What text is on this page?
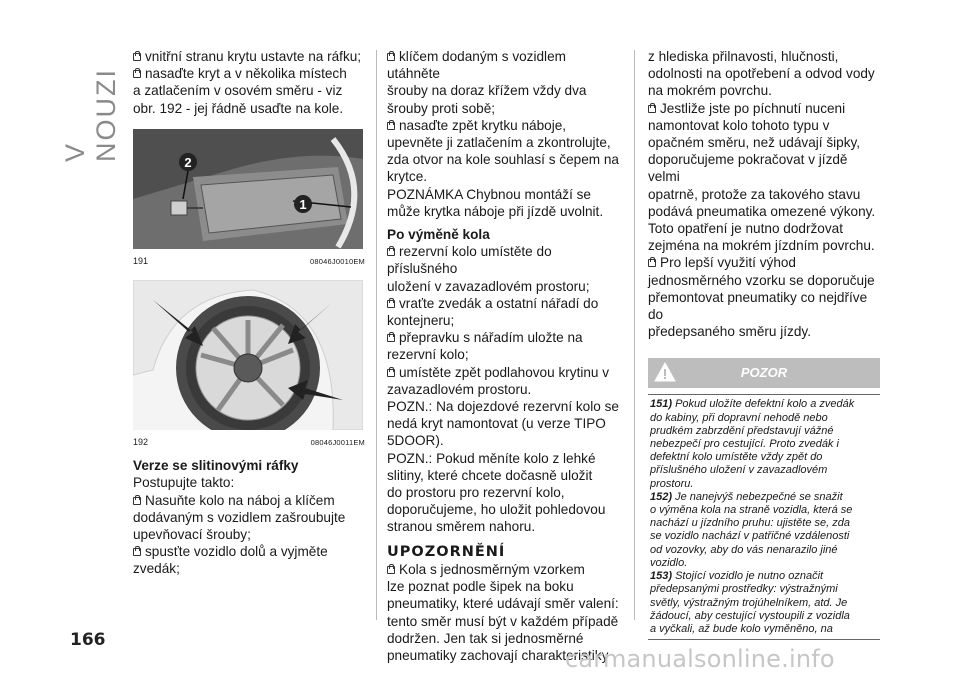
V NOUZI
vnitřní stranu krytu ustavte na ráfku;
nasaďte kryt a v několika místech
a zatlačením v osovém směru - viz
obr. 192 - jej řádně usaďte na kole.
1
2
191	08046J0010EM
192	08046J0011EM
Verze se slitinovými ráfky
Postupujte takto:
Nasuňte kolo na náboj a klíčem
dodávaným s vozidlem zašroubujte
upevňovací šrouby;
spusťte vozidlo dolů a vyjměte
zvedák;
klíčem dodaným s vozidlem utáhněte
šrouby na doraz křížem vždy dva
šrouby proti sobě;
nasaďte zpět krytku náboje,
upevněte ji zatlačením a zkontrolujte,
zda otvor na kole souhlasí s čepem na
krytce.
POZNÁMKA Chybnou montáží se
může krytka náboje při jízdě uvolnit.
Po výměně kola
rezervní kolo umístěte do příslušného
uložení v zavazadlovém prostoru;
vraťte zvedák a ostatní nářadí do
kontejneru;
přepravku s nářadím uložte na
rezervní kolo;
umístěte zpět podlahovou krytinu v
zavazadlovém prostoru.
POZN.: Na dojezdové rezervní kolo se
nedá kryt namontovat (u verze TIPO
5DOOR).
POZN.: Pokud měníte kolo z lehké
slitiny, které chcete dočasně uložit
do prostoru pro rezervní kolo,
doporučujeme, ho uložit pohledovou
stranou směrem nahoru.
UPOZORNĚNÍ
Kola s jednosměrným vzorkem
lze poznat podle šipek na boku
pneumatiky, které udávají směr valení:
tento směr musí být v každém případě
dodržen. Jen tak si jednosměrné
pneumatiky zachovají charakteristiky
z hlediska přilnavosti, hlučnosti,
odolnosti na opotřebení a odvod vody
na mokrém povrchu.
Jestliže jste po píchnutí nuceni
namontovat kolo tohoto typu v
opačném směru, než udávají šipky,
doporučujeme pokračovat v jízdě velmi
opatrně, protože za takového stavu
podává pneumatika omezené výkony.
Toto opatření je nutno dodržovat
zejména na mokrém jízdním povrchu.
Pro lepší využití výhod
jednosměrného vzorku se doporučuje
přemontovat pneumatiky co nejdříve do
předepsaného směru jízdy.
POZOR
151) Pokud uložíte defektní kolo a zvedák
do kabiny, při dopravní nehodě nebo
prudkém zabrzdění představují vážné
nebezpečí pro cestující. Proto zvedák i
defektní kolo umístěte vždy zpět do
příslušného uložení v zavazadlovém
prostoru.
152) Je nanejvýš nebezpečné se snažit
o výměna kola na straně vozidla, která se
nachází u jízdního pruhu: ujistěte se, zda
se vozidlo nachází v patřičné vzdálenosti
od vozovky, aby do vás nenarazilo jiné
vozidlo.
153) Stojící vozidlo je nutno označit
předepsanými prostředky: výstražnými
světly, výstražným trojúhelníkem, atd. Je
žádoucí, aby cestující vystoupili z vozidla
a vyčkali, až bude kolo vyměněno, na
166
carmanualsonline.info
